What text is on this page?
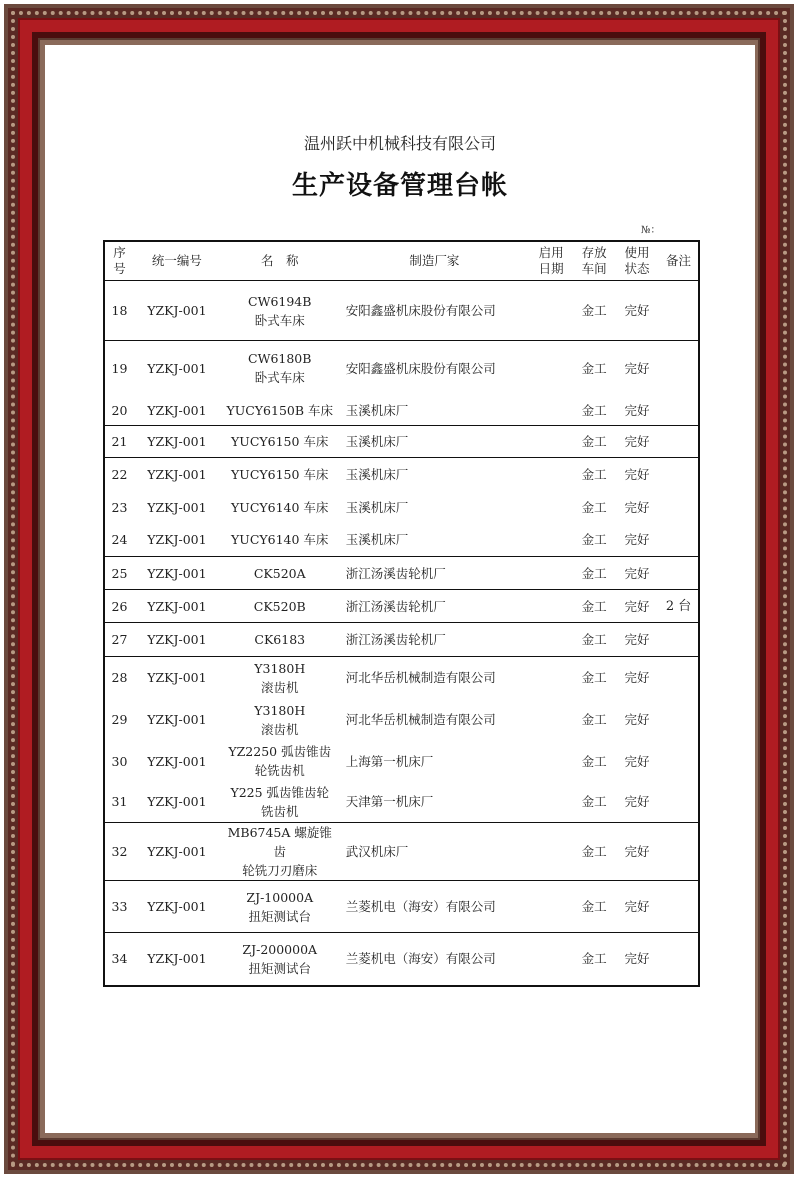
温州跃中机械科技有限公司
生产设备管理台帐
№：
序号	统一编号	名　称	制造厂家	启用日期	存放车间	使用状态	备注
18	YZKJ-001	CW6194B
卧式车床	安阳鑫盛机床股份有限公司		金工	完好	
19	YZKJ-001	CW6180B
卧式车床	安阳鑫盛机床股份有限公司		金工	完好	
20	YZKJ-001	YUCY6150B 车床	玉溪机床厂		金工	完好	
21	YZKJ-001	YUCY6150 车床	玉溪机床厂		金工	完好	
22	YZKJ-001	YUCY6150 车床	玉溪机床厂		金工	完好	
23	YZKJ-001	YUCY6140 车床	玉溪机床厂		金工	完好	
24	YZKJ-001	YUCY6140 车床	玉溪机床厂		金工	完好	
25	YZKJ-001	CK520A	浙江汤溪齿轮机厂		金工	完好	
26	YZKJ-001	CK520B	浙江汤溪齿轮机厂		金工	完好	2 台
27	YZKJ-001	CK6183	浙江汤溪齿轮机厂		金工	完好	
28	YZKJ-001	Y3180H
滚齿机	河北华岳机械制造有限公司		金工	完好	
29	YZKJ-001	Y3180H
滚齿机	河北华岳机械制造有限公司		金工	完好	
30	YZKJ-001	YZ2250 弧齿锥齿
轮铣齿机	上海第一机床厂		金工	完好	
31	YZKJ-001	Y225 弧齿锥齿轮
铣齿机	天津第一机床厂		金工	完好	
32	YZKJ-001	MB6745A 螺旋锥齿
轮铣刀刃磨床	武汉机床厂		金工	完好	
33	YZKJ-001	ZJ-10000A
扭矩测试台	兰菱机电（海安）有限公司		金工	完好	
34	YZKJ-001	ZJ-200000A
扭矩测试台	兰菱机电（海安）有限公司		金工	完好	
